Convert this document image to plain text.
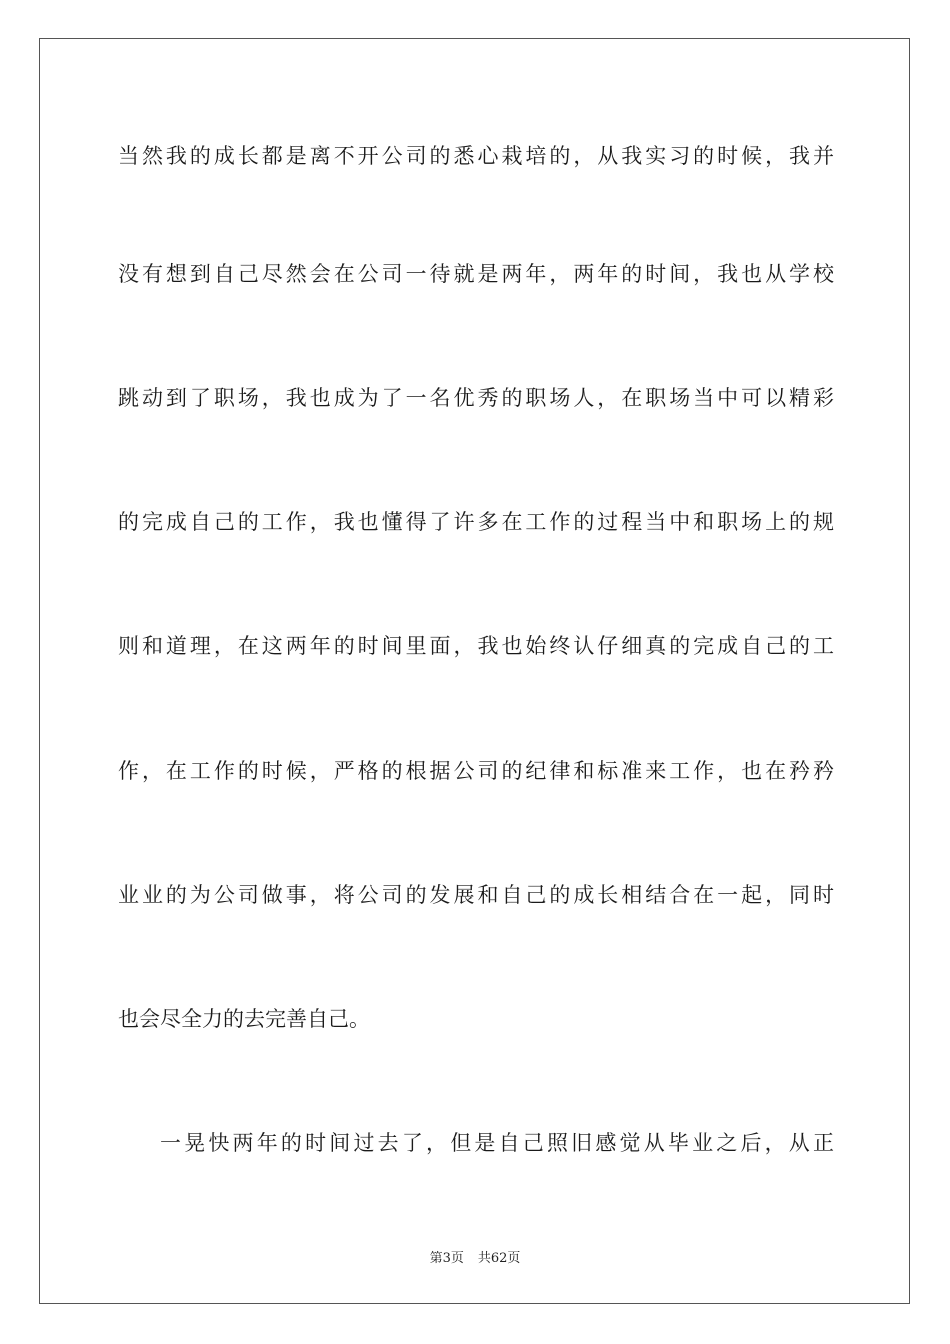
当然我的成长都是离不开公司的悉心栽培的，从我实习的时候，我并
没有想到自己尽然会在公司一待就是两年，两年的时间，我也从学校
跳动到了职场，我也成为了一名优秀的职场人，在职场当中可以精彩
的完成自己的工作，我也懂得了许多在工作的过程当中和职场上的规
则和道理，在这两年的时间里面，我也始终认仔细真的完成自己的工
作，在工作的时候，严格的根据公司的纪律和标准来工作，也在矜矜
业业的为公司做事，将公司的发展和自己的成长相结合在一起，同时
也会尽全力的去完善自己。
一晃快两年的时间过去了，但是自己照旧感觉从毕业之后，从正
第3页 共62页
